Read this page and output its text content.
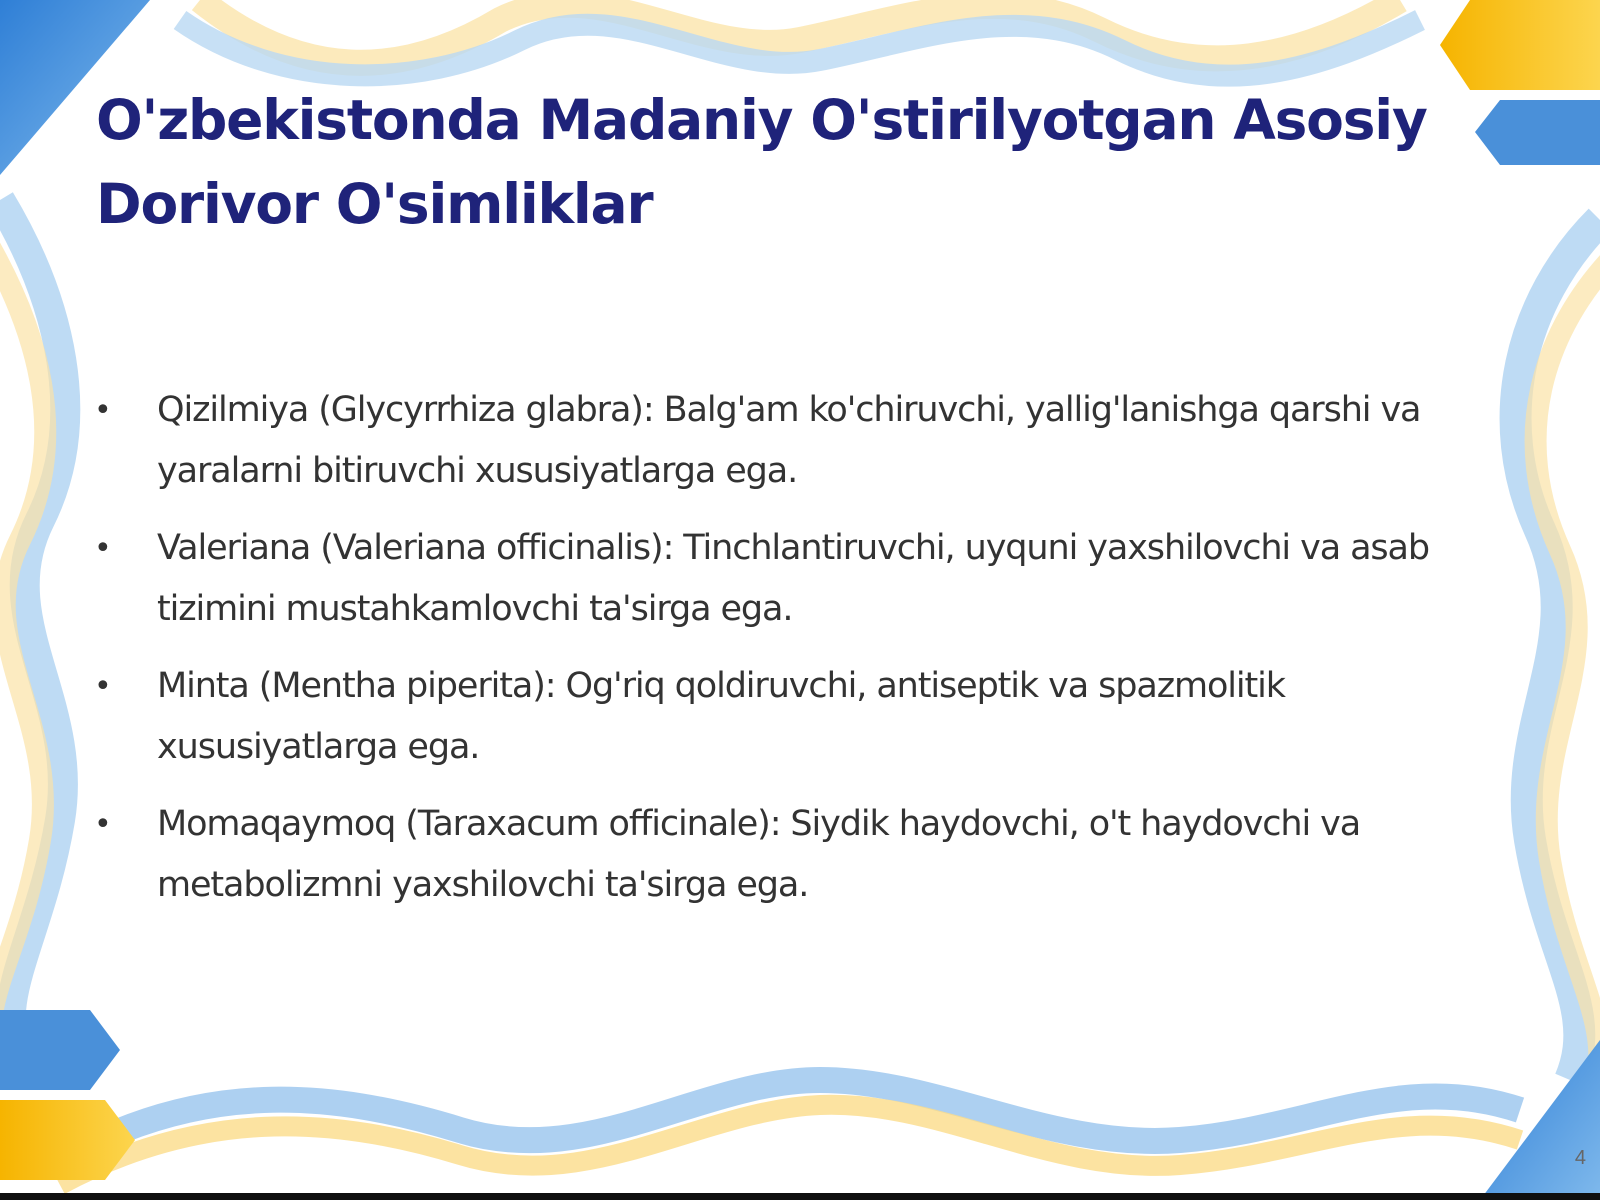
O'zbekistonda Madaniy O'stirilyotgan Asosiy Dorivor O'simliklar
• Qizilmiya (Glycyrrhiza glabra): Balg'am ko'chiruvchi, yallig'lanishga qarshi va yaralarni bitiruvchi xususiyatlarga ega.
• Valeriana (Valeriana officinalis): Tinchlantiruvchi, uyquni yaxshilovchi va asab tizimini mustahkamlovchi ta'sirga ega.
• Minta (Mentha piperita): Og'riq qoldiruvchi, antiseptik va spazmolitik xususiyatlarga ega.
• Momaqaymoq (Taraxacum officinale): Siydik haydovchi, o't haydovchi va metabolizmni yaxshilovchi ta'sirga ega.
4
